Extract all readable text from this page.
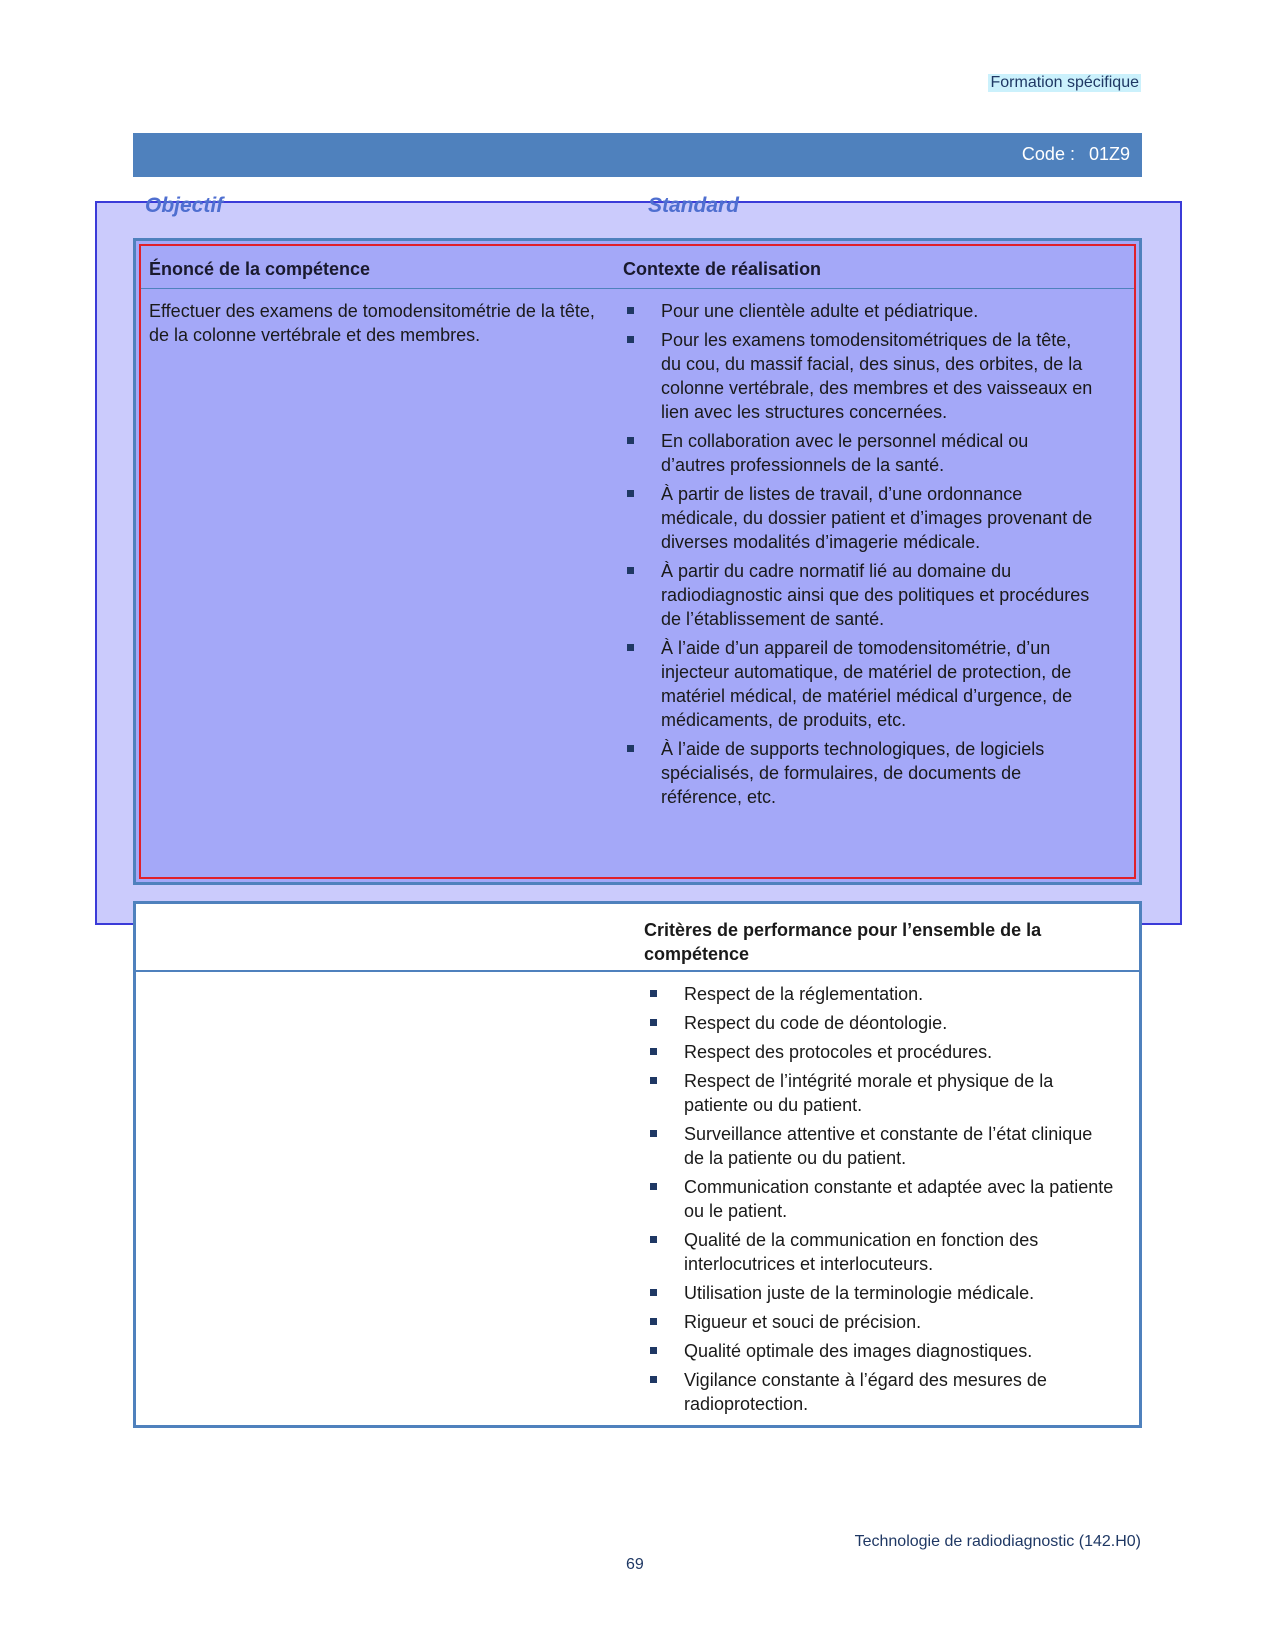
Formation spécifique
Code : 01Z9
Objectif	Standard
Énoncé de la compétence	Contexte de réalisation
Effectuer des examens de tomodensitométrie de la tête, de la colonne vertébrale et des membres.
Pour une clientèle adulte et pédiatrique.
Pour les examens tomodensitométriques de la tête, du cou, du massif facial, des sinus, des orbites, de la colonne vertébrale, des membres et des vaisseaux en lien avec les structures concernées.
En collaboration avec le personnel médical ou d’autres professionnels de la santé.
À partir de listes de travail, d’une ordonnance médicale, du dossier patient et d’images provenant de diverses modalités d’imagerie médicale.
À partir du cadre normatif lié au domaine du radiodiagnostic ainsi que des politiques et procédures de l’établissement de santé.
À l’aide d’un appareil de tomodensitométrie, d’un injecteur automatique, de matériel de protection, de matériel médical, de matériel médical d’urgence, de médicaments, de produits, etc.
À l’aide de supports technologiques, de logiciels spécialisés, de formulaires, de documents de référence, etc.
Critères de performance pour l’ensemble de la compétence
Respect de la réglementation.
Respect du code de déontologie.
Respect des protocoles et procédures.
Respect de l’intégrité morale et physique de la patiente ou du patient.
Surveillance attentive et constante de l’état clinique de la patiente ou du patient.
Communication constante et adaptée avec la patiente ou le patient.
Qualité de la communication en fonction des interlocutrices et interlocuteurs.
Utilisation juste de la terminologie médicale.
Rigueur et souci de précision.
Qualité optimale des images diagnostiques.
Vigilance constante à l’égard des mesures de radioprotection.
Technologie de radiodiagnostic (142.H0)
69
